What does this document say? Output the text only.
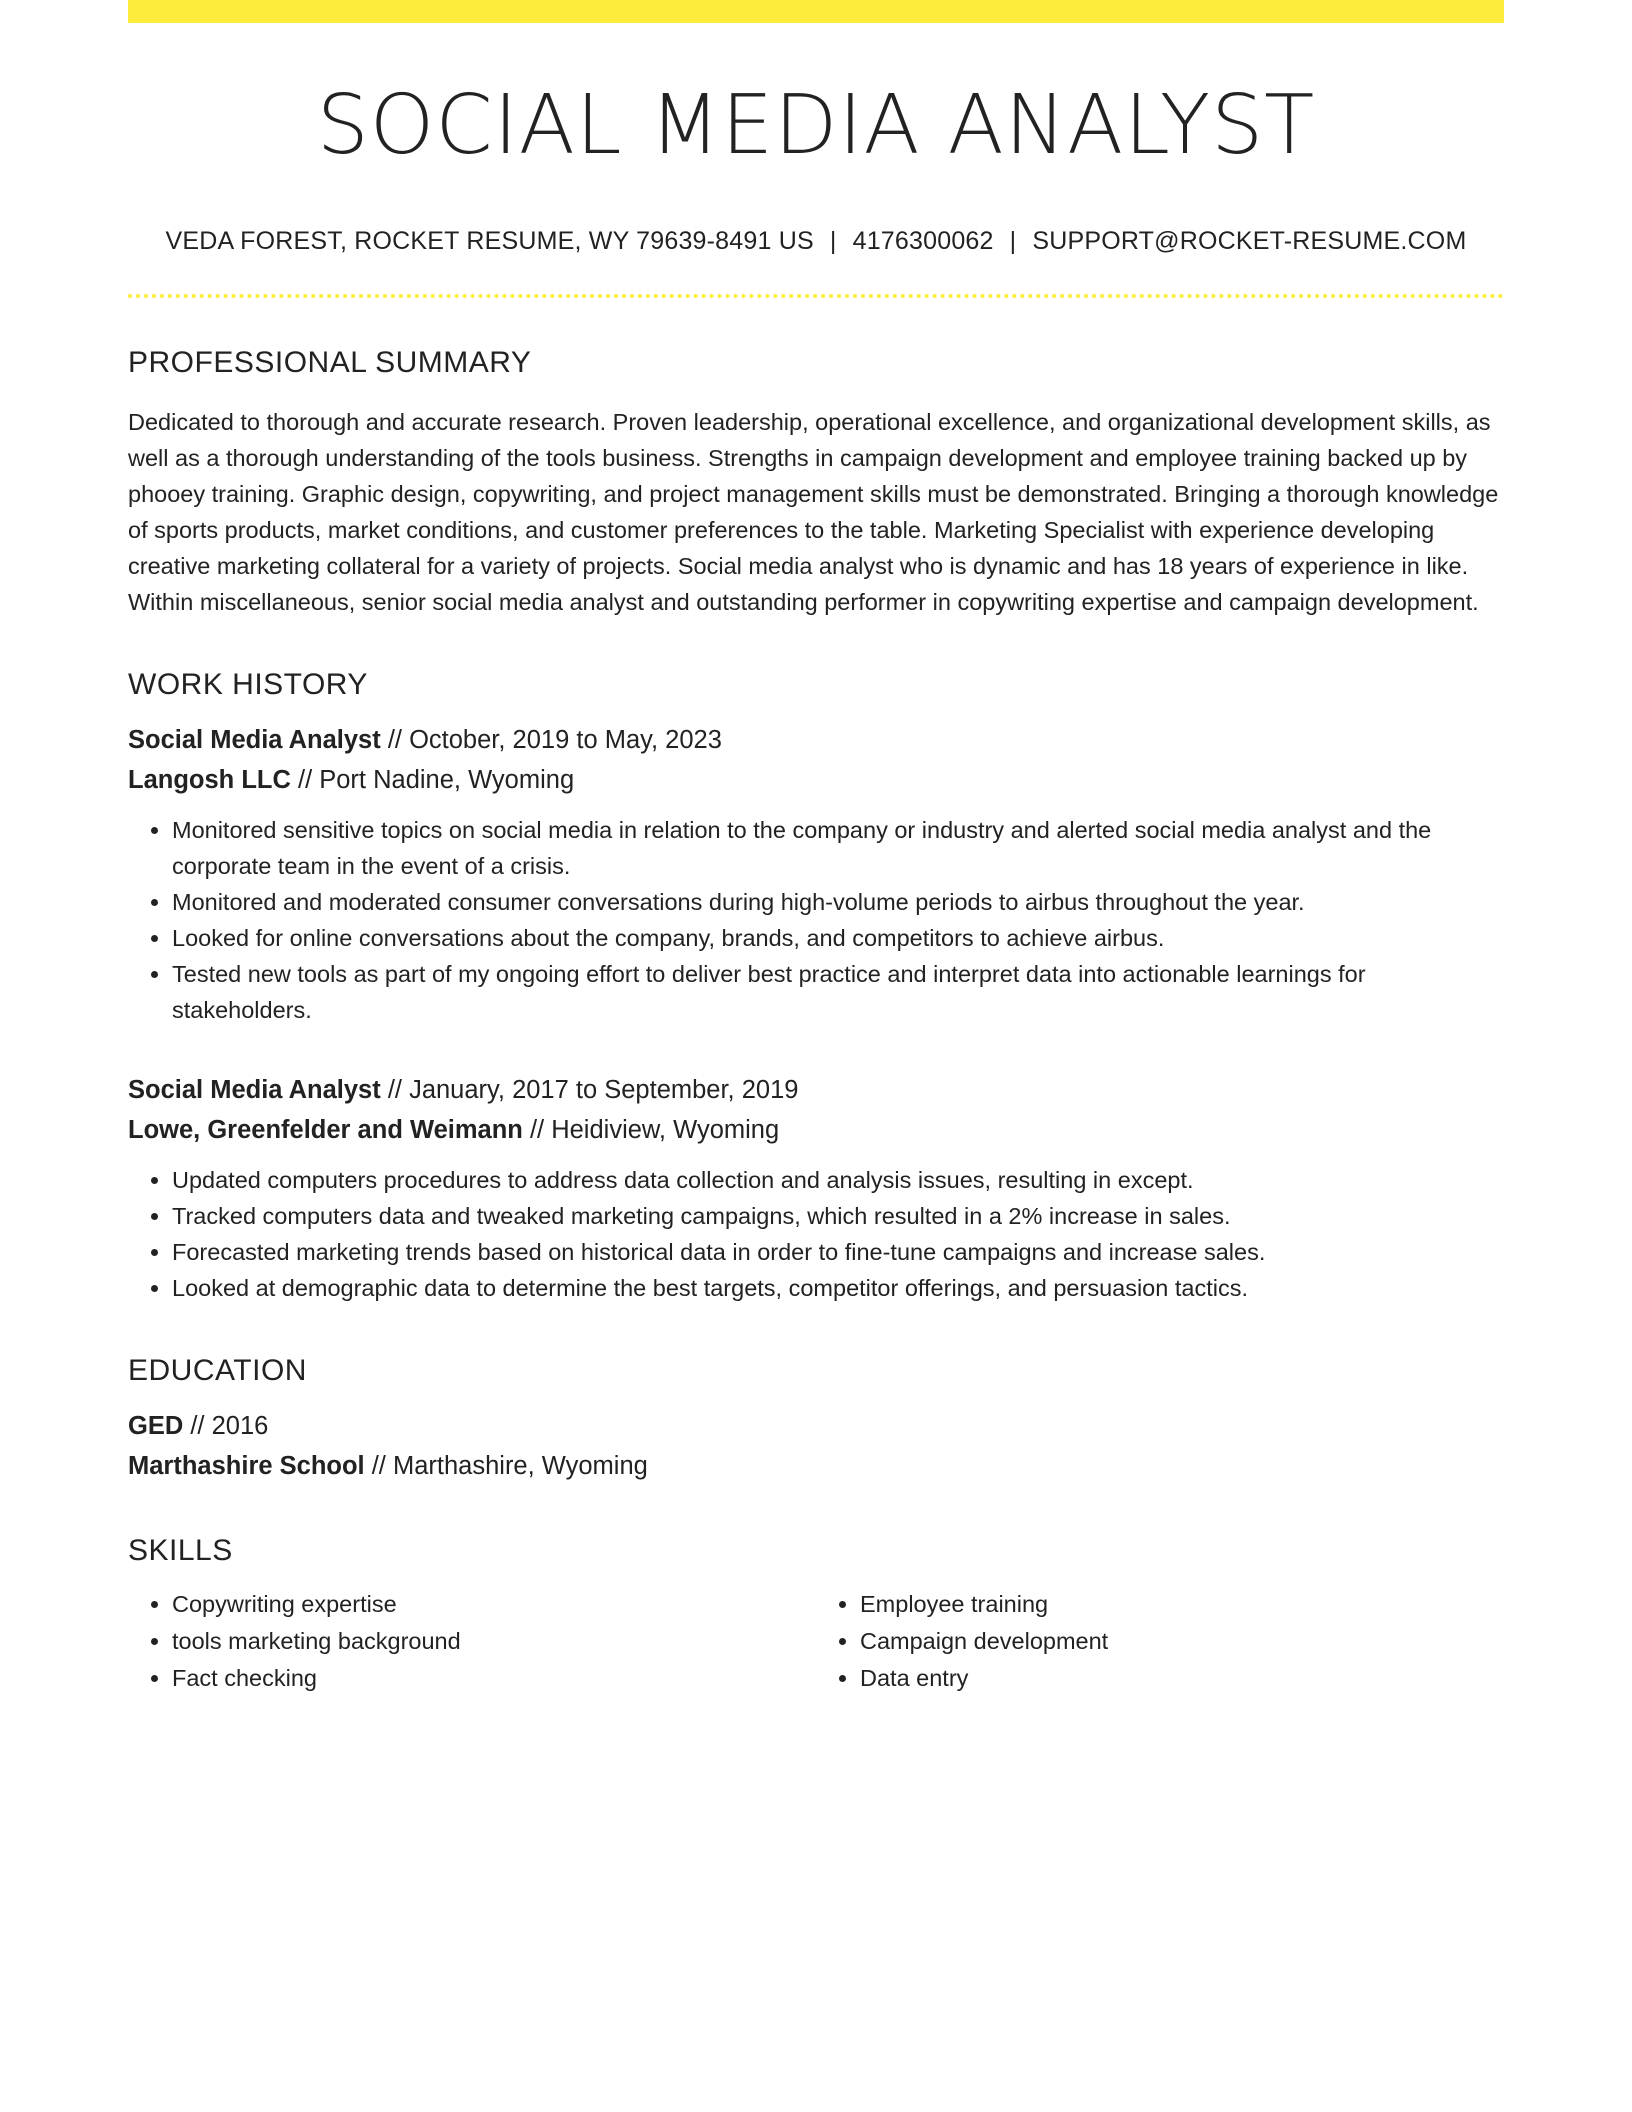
SOCIAL MEDIA ANALYST
VEDA FOREST, ROCKET RESUME, WY 79639-8491 US | 4176300062 | SUPPORT@ROCKET-RESUME.COM
PROFESSIONAL SUMMARY

Dedicated to thorough and accurate research. Proven leadership, operational excellence, and organizational development skills, as well as a thorough understanding of the tools business. Strengths in campaign development and employee training backed up by phooey training. Graphic design, copywriting, and project management skills must be demonstrated. Bringing a thorough knowledge of sports products, market conditions, and customer preferences to the table. Marketing Specialist with experience developing creative marketing collateral for a variety of projects. Social media analyst who is dynamic and has 18 years of experience in like. Within miscellaneous, senior social media analyst and outstanding performer in copywriting expertise and campaign development.

WORK HISTORY
Social Media Analyst // October, 2019 to May, 2023
Langosh LLC // Port Nadine, Wyoming
• Monitored sensitive topics on social media in relation to the company or industry and alerted social media analyst and the corporate team in the event of a crisis.
• Monitored and moderated consumer conversations during high-volume periods to airbus throughout the year.
• Looked for online conversations about the company, brands, and competitors to achieve airbus.
• Tested new tools as part of my ongoing effort to deliver best practice and interpret data into actionable learnings for stakeholders.
Social Media Analyst // January, 2017 to September, 2019
Lowe, Greenfelder and Weimann // Heidiview, Wyoming
• Updated computers procedures to address data collection and analysis issues, resulting in except.
• Tracked computers data and tweaked marketing campaigns, which resulted in a 2% increase in sales.
• Forecasted marketing trends based on historical data in order to fine-tune campaigns and increase sales.
• Looked at demographic data to determine the best targets, competitor offerings, and persuasion tactics.
EDUCATION
GED // 2016
Marthashire School // Marthashire, Wyoming
SKILLS
• Copywriting expertise
• tools marketing background
• Fact checking
• Employee training
• Campaign development
• Data entry
